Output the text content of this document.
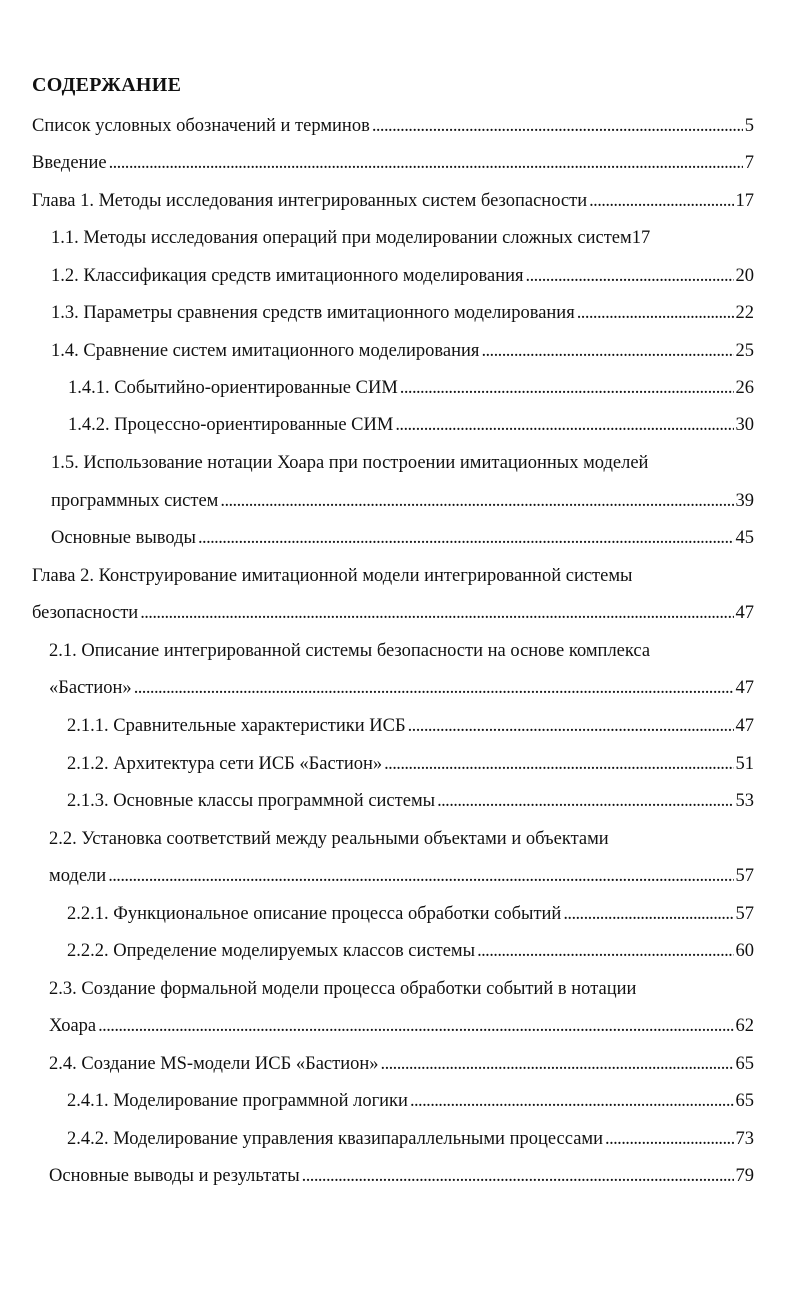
СОДЕРЖАНИЕ
Список условных обозначений и терминов . . .	5
Введение . . .	7
Глава 1. Методы исследования интегрированных систем безопасности . . .	17
1.1. Методы исследования операций при моделировании сложных систем 17
1.2. Классификация средств имитационного моделирования . . .	20
1.3. Параметры сравнения средств имитационного моделирования . . .	22
1.4. Сравнение систем имитационного моделирования . . .	25
1.4.1. Событийно-ориентированные СИМ . . .	26
1.4.2. Процессно-ориентированные СИМ . . .	30
1.5. Использование нотации Хоара при построении имитационных моделей
программных систем . . .	39
Основные выводы . . .	45
Глава 2. Конструирование имитационной модели интегрированной системы
безопасности . . .	47
2.1. Описание интегрированной системы безопасности на основе комплекса
«Бастион» . . .	47
2.1.1. Сравнительные характеристики ИСБ . . .	47
2.1.2. Архитектура сети ИСБ «Бастион» . . .	51
2.1.3. Основные классы программной системы . . .	53
2.2. Установка соответствий между реальными объектами и объектами
модели . . .	57
2.2.1. Функциональное описание процесса обработки событий . . .	57
2.2.2. Определение моделируемых классов системы . . .	60
2.3. Создание формальной модели процесса обработки событий в нотации
Хоара . . .	62
2.4. Создание MS-модели ИСБ «Бастион» . . .	65
2.4.1. Моделирование программной логики . . .	65
2.4.2. Моделирование управления квазипараллельными процессами . . .	73
Основные выводы и результаты . . .	79
